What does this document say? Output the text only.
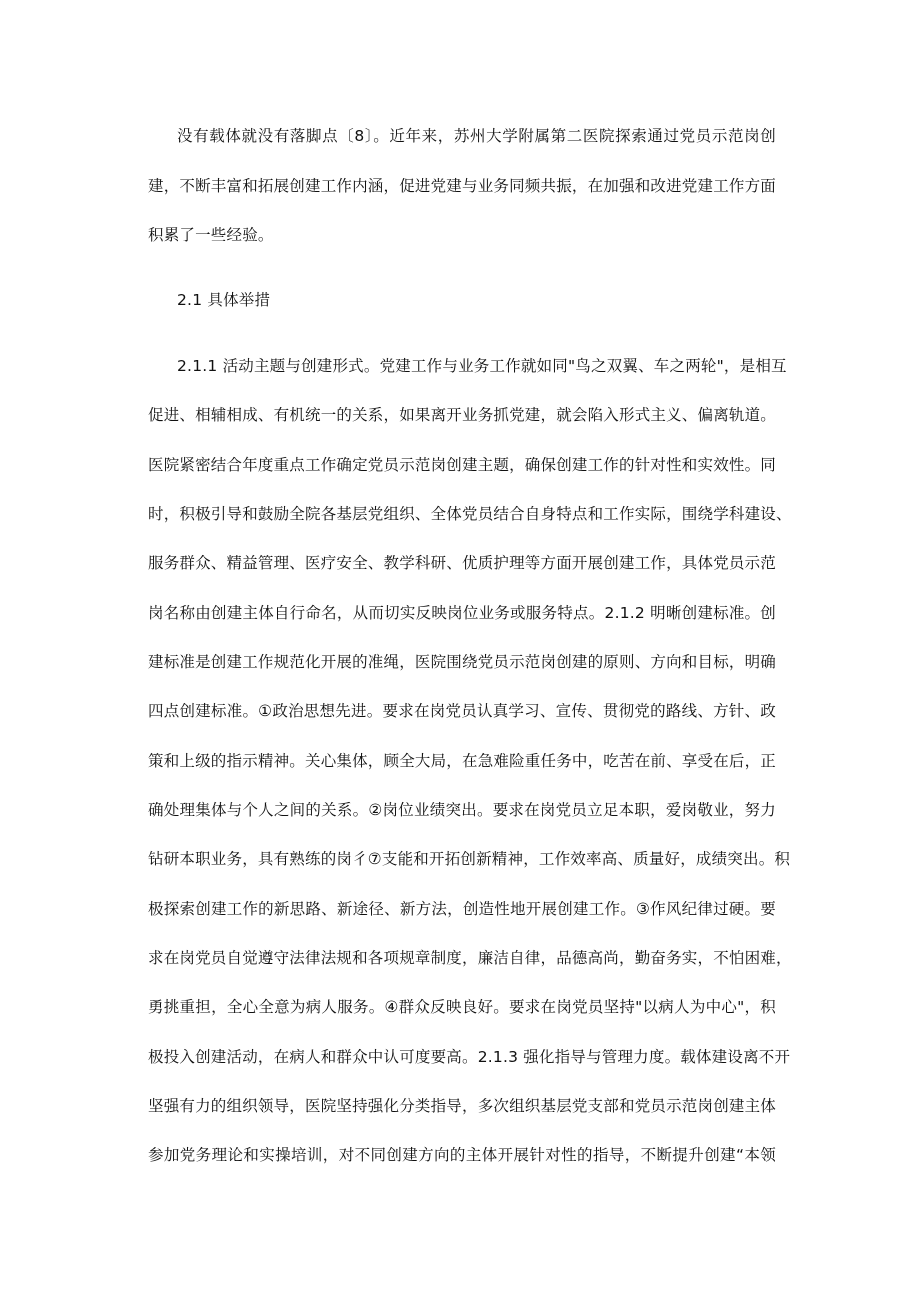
没有载体就没有落脚点〔8〕。近年来，苏州大学附属第二医院探索通过党员示范岗创
建，不断丰富和拓展创建工作内涵，促进党建与业务同频共振，在加强和改进党建工作方面
积累了一些经验。
2.1 具体举措
2.1.1 活动主题与创建形式。党建工作与业务工作就如同"鸟之双翼、车之两轮"，是相互
促进、相辅相成、有机统一的关系，如果离开业务抓党建，就会陷入形式主义、偏离轨道。
医院紧密结合年度重点工作确定党员示范岗创建主题，确保创建工作的针对性和实效性。同
时，积极引导和鼓励全院各基层党组织、全体党员结合自身特点和工作实际，围绕学科建设、
服务群众、精益管理、医疗安全、教学科研、优质护理等方面开展创建工作，具体党员示范
岗名称由创建主体自行命名，从而切实反映岗位业务或服务特点。2.1.2 明晰创建标准。创
建标准是创建工作规范化开展的准绳，医院围绕党员示范岗创建的原则、方向和目标，明确
四点创建标准。①政治思想先进。要求在岗党员认真学习、宣传、贯彻党的路线、方针、政
策和上级的指示精神。关心集体，顾全大局，在急难险重任务中，吃苦在前、享受在后，正
确处理集体与个人之间的关系。②岗位业绩突出。要求在岗党员立足本职，爱岗敬业，努力
钻研本职业务，具有熟练的岗彳⑦支能和开拓创新精神，工作效率高、质量好，成绩突出。积
极探索创建工作的新思路、新途径、新方法，创造性地开展创建工作。③作风纪律过硬。要
求在岗党员自觉遵守法律法规和各项规章制度，廉洁自律，品德高尚，勤奋务实，不怕困难，
勇挑重担，全心全意为病人服务。④群众反映良好。要求在岗党员坚持"以病人为中心"，积
极投入创建活动，在病人和群众中认可度要高。2.1.3 强化指导与管理力度。载体建设离不开
坚强有力的组织领导，医院坚持强化分类指导，多次组织基层党支部和党员示范岗创建主体
参加党务理论和实操培训，对不同创建方向的主体开展针对性的指导，不断提升创建“本领
